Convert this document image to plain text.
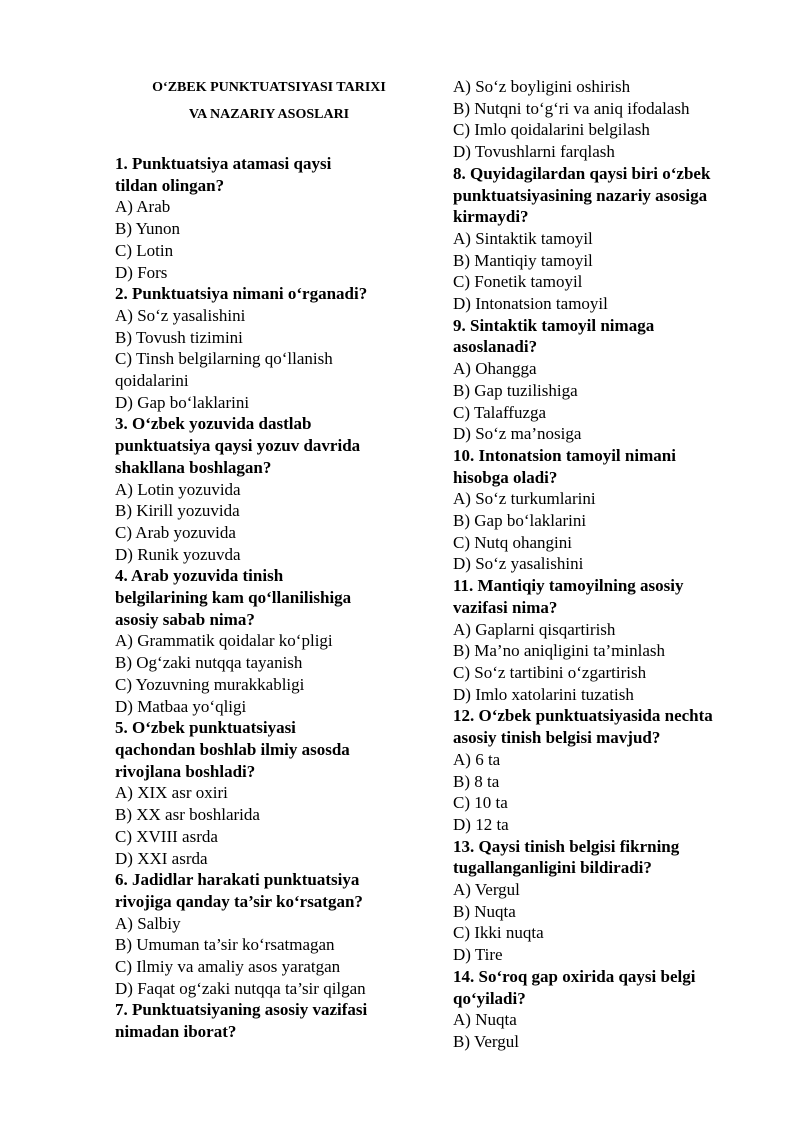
O‘ZBEK PUNKTUATSIYASI TARIXI
VA NAZARIY ASOSLARI
1. Punktuatsiya atamasi qaysi
tildan olingan?
A) Arab
B) Yunon
C) Lotin
D) Fors
2. Punktuatsiya nimani o‘rganadi?
A) So‘z yasalishini
B) Tovush tizimini
C) Tinsh belgilarning qo‘llanish
qoidalarini
D) Gap bo‘laklarini
3. O‘zbek yozuvida dastlab
punktuatsiya qaysi yozuv davrida
shakllana boshlagan?
A) Lotin yozuvida
B) Kirill yozuvida
C) Arab yozuvida
D) Runik yozuvda
4. Arab yozuvida tinish
belgilarining kam qo‘llanilishiga
asosiy sabab nima?
A) Grammatik qoidalar ko‘pligi
B) Og‘zaki nutqqa tayanish
C) Yozuvning murakkabligi
D) Matbaa yo‘qligi
5. O‘zbek punktuatsiyasi
qachondan boshlab ilmiy asosda
rivojlana boshladi?
A) XIX asr oxiri
B) XX asr boshlarida
C) XVIII asrda
D) XXI asrda
6. Jadidlar harakati punktuatsiya
rivojiga qanday ta’sir ko‘rsatgan?
A) Salbiy
B) Umuman ta’sir ko‘rsatmagan
C) Ilmiy va amaliy asos yaratgan
D) Faqat og‘zaki nutqqa ta’sir qilgan
7. Punktuatsiyaning asosiy vazifasi
nimadan iborat?
A) So‘z boyligini oshirish
B) Nutqni to‘g‘ri va aniq ifodalash
C) Imlo qoidalarini belgilash
D) Tovushlarni farqlash
8. Quyidagilardan qaysi biri o‘zbek
punktuatsiyasining nazariy asosiga
kirmaydi?
A) Sintaktik tamoyil
B) Mantiqiy tamoyil
C) Fonetik tamoyil
D) Intonatsion tamoyil
9. Sintaktik tamoyil nimaga
asoslanadi?
A) Ohangga
B) Gap tuzilishiga
C) Talaffuzga
D) So‘z ma’nosiga
10. Intonatsion tamoyil nimani
hisobga oladi?
A) So‘z turkumlarini
B) Gap bo‘laklarini
C) Nutq ohangini
D) So‘z yasalishini
11. Mantiqiy tamoyilning asosiy
vazifasi nima?
A) Gaplarni qisqartirish
B) Ma’no aniqligini ta’minlash
C) So‘z tartibini o‘zgartirish
D) Imlo xatolarini tuzatish
12. O‘zbek punktuatsiyasida nechta
asosiy tinish belgisi mavjud?
A) 6 ta
B) 8 ta
C) 10 ta
D) 12 ta
13. Qaysi tinish belgisi fikrning
tugallanganligini bildiradi?
A) Vergul
B) Nuqta
C) Ikki nuqta
D) Tire
14. So‘roq gap oxirida qaysi belgi
qo‘yiladi?
A) Nuqta
B) Vergul
